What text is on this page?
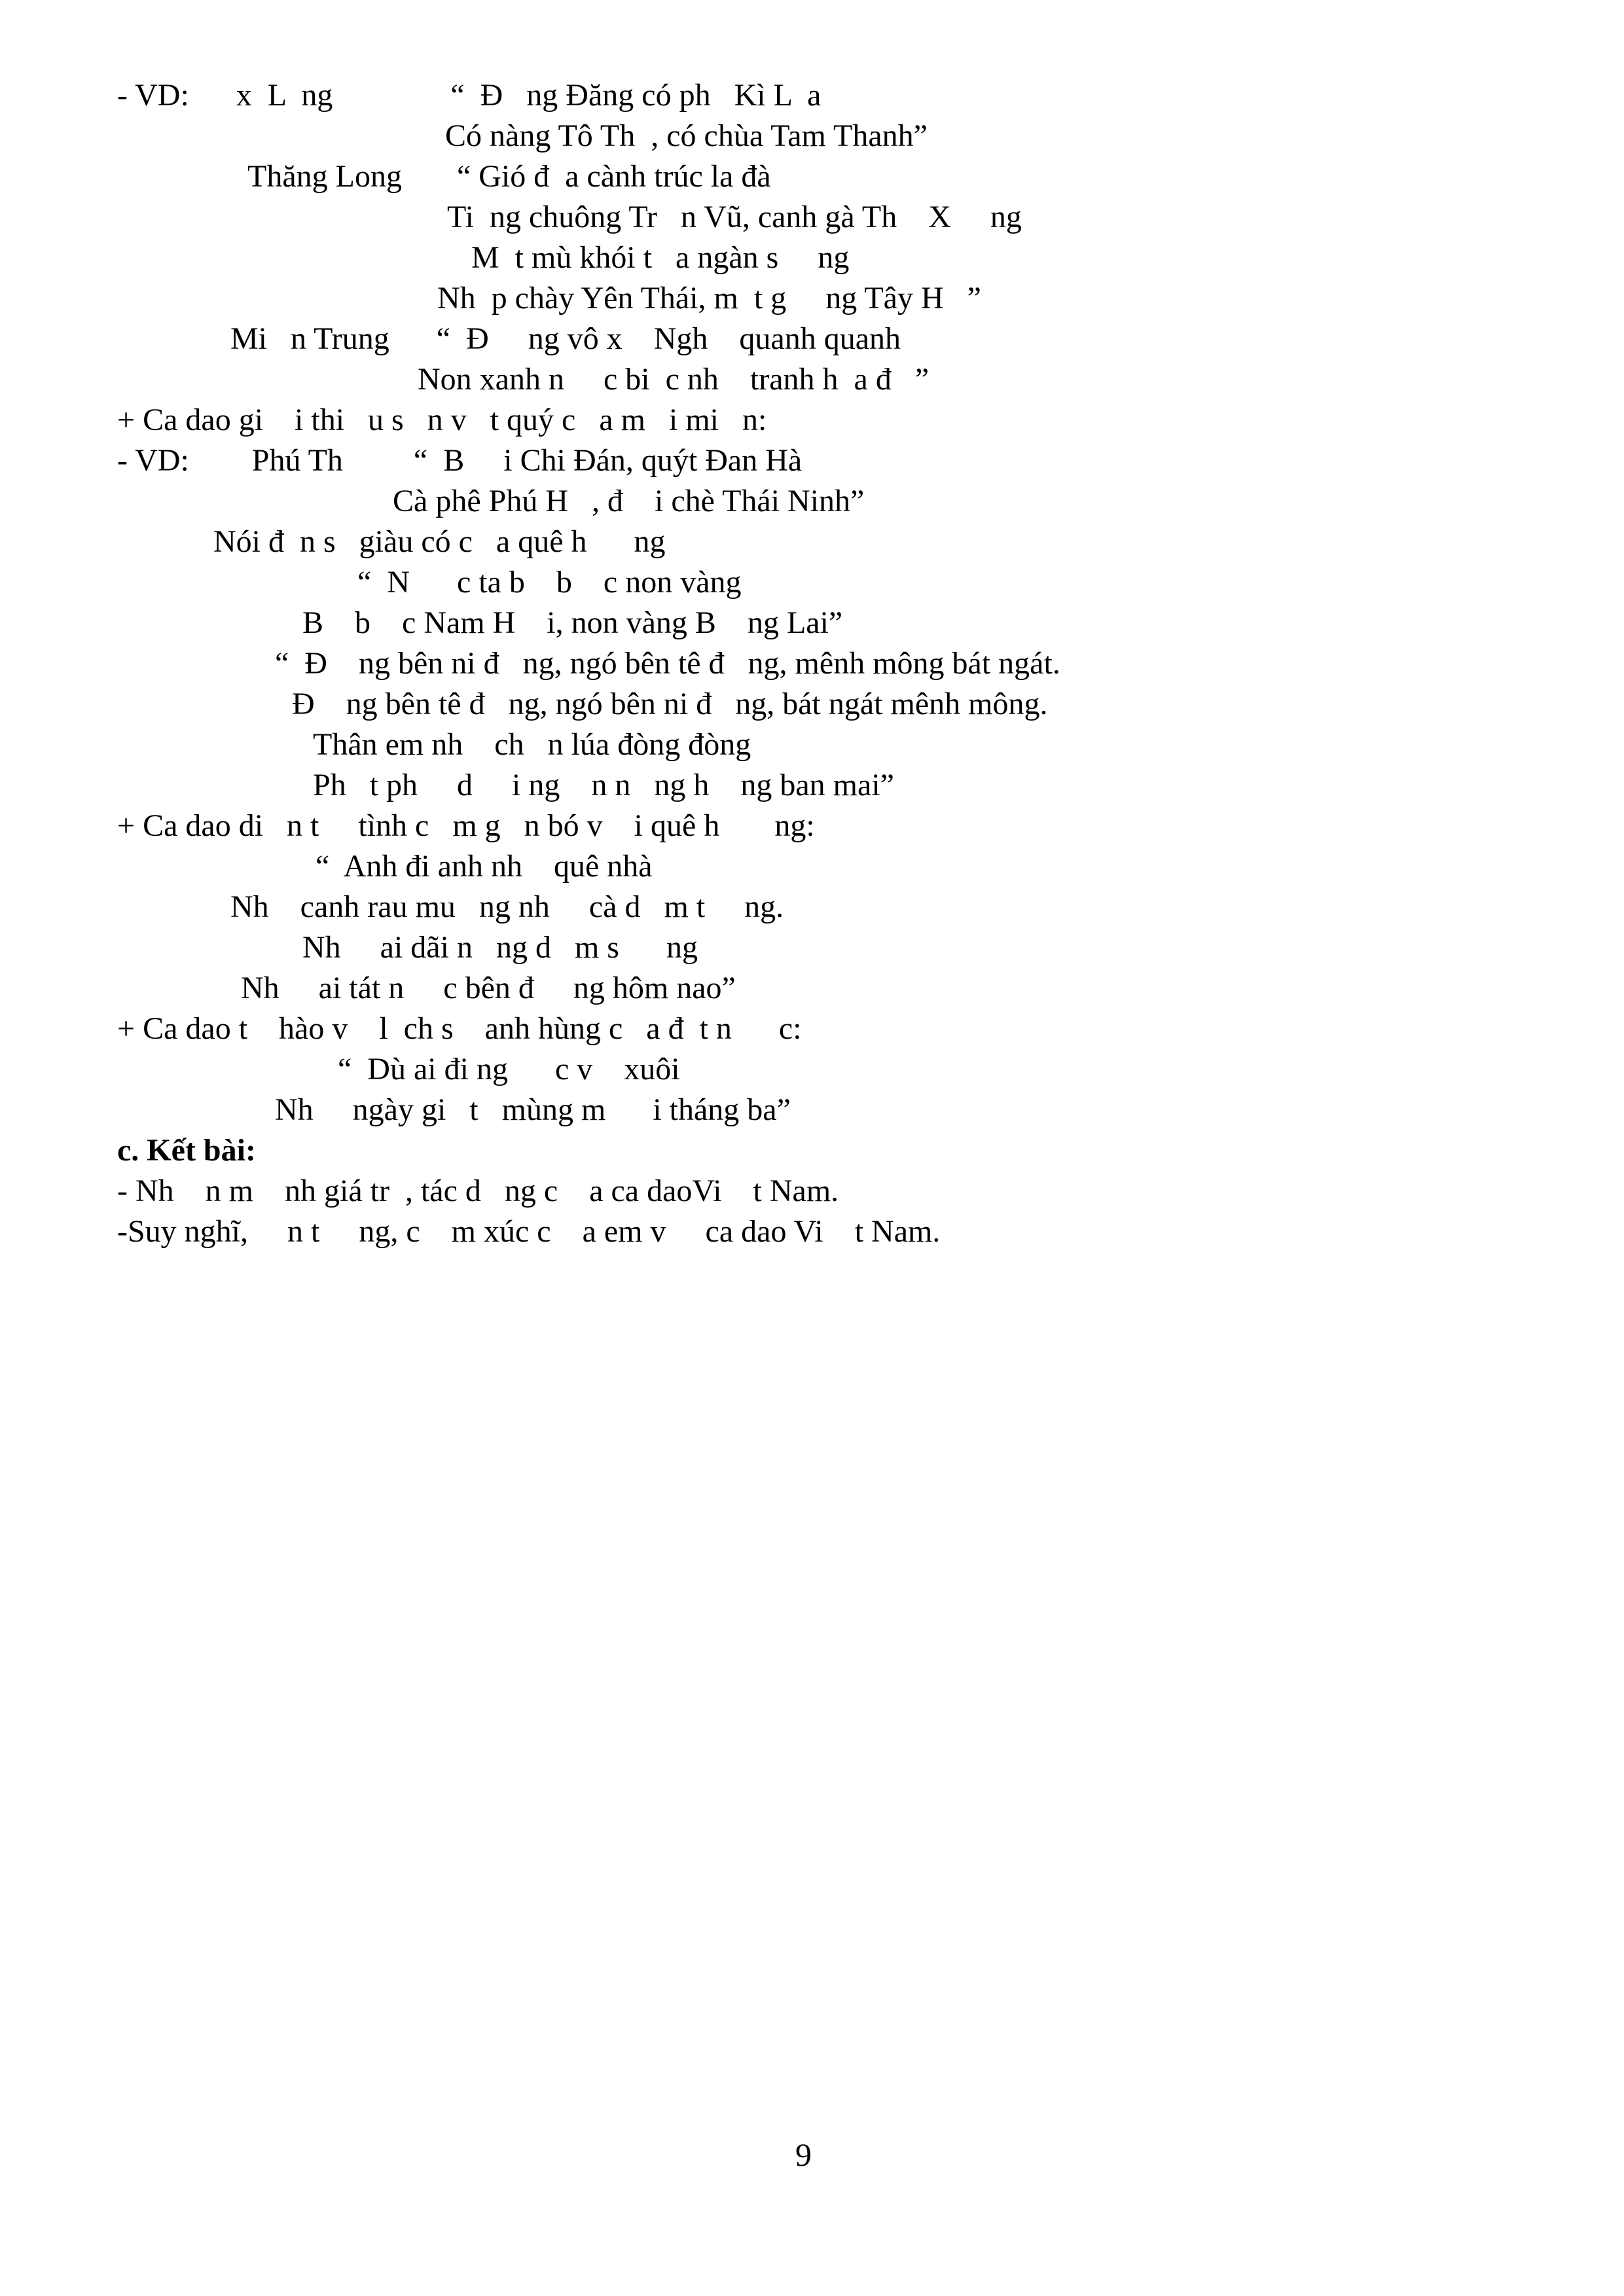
- VD:      x  L  ng               “  Đ   ng Đăng có ph   Kì L  a
Có nàng Tô Th  , có chùa Tam Thanh”
Thăng Long       “ Gió đ  a cành trúc la đà
Ti  ng chuông Tr   n Vũ, canh gà Th    X     ng
M  t mù khói t   a ngàn s     ng
Nh  p chày Yên Thái, m  t g     ng Tây H   ”
Mi   n Trung      “  Đ     ng vô x    Ngh    quanh quanh
Non xanh n     c bi  c nh    tranh h  a đ   ”
+ Ca dao gi    i thi   u s   n v   t quý c   a m   i mi   n:
- VD:        Phú Th         “  B     i Chi Đán, quýt Đan Hà
Cà phê Phú H   , đ    i chè Thái Ninh”
Nói đ  n s   giàu có c   a quê h      ng
“  N      c ta b    b    c non vàng
B    b    c Nam H    i, non vàng B    ng Lai”
“  Đ    ng bên ni đ   ng, ngó bên tê đ   ng, mênh mông bát ngát.
Đ    ng bên tê đ   ng, ngó bên ni đ   ng, bát ngát mênh mông.
Thân em nh    ch   n lúa đòng đòng
Ph   t ph     d     i ng    n n   ng h    ng ban mai”
+ Ca dao di   n t     tình c   m g   n bó v    i quê h       ng:
“  Anh đi anh nh    quê nhà
Nh    canh rau mu   ng nh     cà d   m t     ng.
Nh     ai dãi n   ng d   m s      ng
Nh     ai tát n     c bên đ     ng hôm nao”
+ Ca dao t    hào v    l  ch s    anh hùng c   a đ  t n      c:
“  Dù ai đi ng      c v    xuôi
Nh     ngày gi   t   mùng m      i tháng ba”
c. Kết bài:
- Nh    n m    nh giá tr  , tác d   ng c    a ca daoVi    t Nam.
-Suy nghĩ,     n t     ng, c    m xúc c    a em v     ca dao Vi    t Nam.
9
